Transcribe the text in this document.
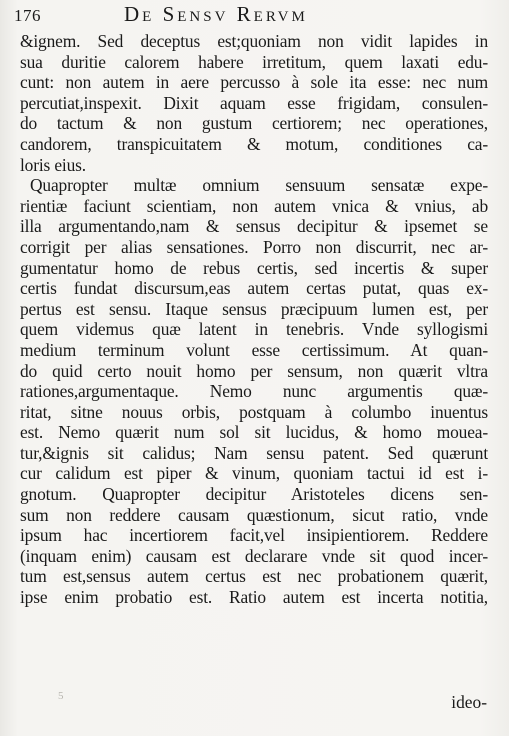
176	De Sensv Rervm
&ignem. Sed deceptus est;quoniam non vidit lapides in
sua duritie calorem habere irretitum, quem laxati edu-
cunt: non autem in aere percusso à sole ita esse: nec num
percutiat,inspexit. Dixit aquam esse frigidam, consulen-
do tactum & non gustum certiorem; nec operationes,
candorem, transpicuitatem & motum, conditiones ca-
loris eius.
Quapropter multæ omnium sensuum sensatæ expe-
rientiæ faciunt scientiam, non autem vnica & vnius, ab
illa argumentando,nam & sensus decipitur & ipsemet se
corrigit per alias sensationes. Porro non discurrit, nec ar-
gumentatur homo de rebus certis, sed incertis & super
certis fundat discursum,eas autem certas putat, quas ex-
pertus est sensu. Itaque sensus præcipuum lumen est, per
quem videmus quæ latent in tenebris. Vnde syllogismi
medium terminum volunt esse certissimum. At quan-
do quid certo nouit homo per sensum, non quærit vltra
rationes,argumentaque. Nemo nunc argumentis quæ-
ritat, sitne nouus orbis, postquam à columbo inuentus
est. Nemo quærit num sol sit lucidus, & homo mouea-
tur,&ignis sit calidus; Nam sensu patent. Sed quærunt
cur calidum est piper & vinum, quoniam tactui id est i-
gnotum. Quapropter decipitur Aristoteles dicens sen-
sum non reddere causam quæstionum, sicut ratio, vnde
ipsum hac incertiorem facit,vel insipientiorem. Reddere
(inquam enim) causam est declarare vnde sit quod incer-
tum est,sensus autem certus est nec probationem quærit,
ipse enim probatio est. Ratio autem est incerta notitia,
5	ideo-
